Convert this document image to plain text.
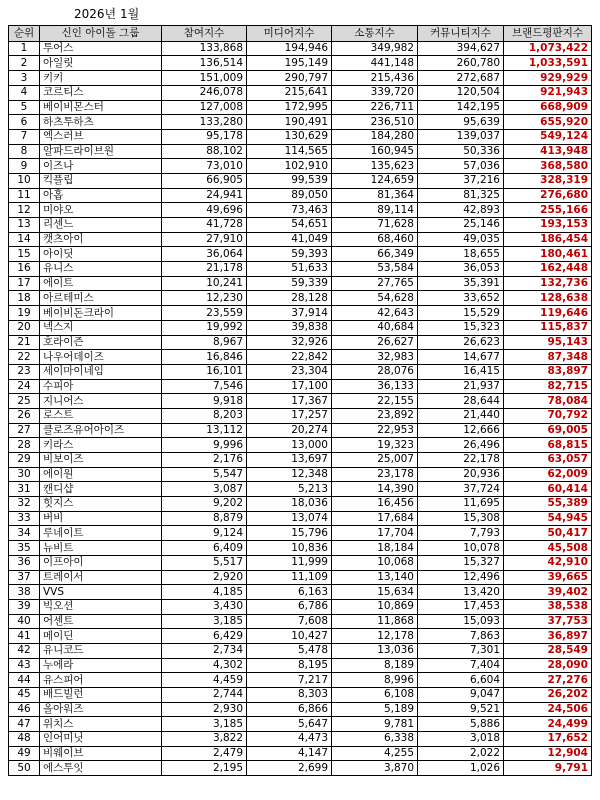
2026년 1월
순위	신인 아이돌 그룹	참여지수	미디어지수	소통지수	커뮤니티지수	브랜드평판지수
1	투어스	133,868	194,946	349,982	394,627	1,073,422
2	아일릿	136,514	195,149	441,148	260,780	1,033,591
3	키키	151,009	290,797	215,436	272,687	929,929
4	코르티스	246,078	215,641	339,720	120,504	921,943
5	베이비몬스터	127,008	172,995	226,711	142,195	668,909
6	하츠투하츠	133,280	190,491	236,510	95,639	655,920
7	엑스러브	95,178	130,629	184,280	139,037	549,124
8	알파드라이브원	88,102	114,565	160,945	50,336	413,948
9	이즈나	73,010	102,910	135,623	57,036	368,580
10	킥플립	66,905	99,539	124,659	37,216	328,319
11	아홉	24,941	89,050	81,364	81,325	276,680
12	미야오	49,696	73,463	89,114	42,893	255,166
13	리센느	41,728	54,651	71,628	25,146	193,153
14	캣츠아이	27,910	41,049	68,460	49,035	186,454
15	아이딧	36,064	59,393	66,349	18,655	180,461
16	유니스	21,178	51,633	53,584	36,053	162,448
17	에이트	10,241	59,339	27,765	35,391	132,736
18	아르테미스	12,230	28,128	54,628	33,652	128,638
19	베이비돈크라이	23,559	37,914	42,643	15,529	119,646
20	넥스지	19,992	39,838	40,684	15,323	115,837
21	호라이즌	8,967	32,926	26,627	26,623	95,143
22	나우어데이즈	16,846	22,842	32,983	14,677	87,348
23	세이마이네임	16,101	23,304	28,076	16,415	83,897
24	수피아	7,546	17,100	36,133	21,937	82,715
25	지니어스	9,918	17,367	22,155	28,644	78,084
26	로스트	8,203	17,257	23,892	21,440	70,792
27	클로즈유어아이즈	13,112	20,274	22,953	12,666	69,005
28	키라스	9,996	13,000	19,323	26,496	68,815
29	비보이즈	2,176	13,697	25,007	22,178	63,057
30	에이원	5,547	12,348	23,178	20,936	62,009
31	캔디샵	3,087	5,213	14,390	37,724	60,414
32	힛지스	9,202	18,036	16,456	11,695	55,389
33	버비	8,879	13,074	17,684	15,308	54,945
34	루네이트	9,124	15,796	17,704	7,793	50,417
35	뉴비트	6,409	10,836	18,184	10,078	45,508
36	이프아이	5,517	11,999	10,068	15,327	42,910
37	트레이서	2,920	11,109	13,140	12,496	39,665
38	VVS	4,185	6,163	15,634	13,420	39,402
39	빅오션	3,430	6,786	10,869	17,453	38,538
40	어센트	3,185	7,608	11,868	15,093	37,753
41	메이딘	6,429	10,427	12,178	7,863	36,897
42	유니코드	2,734	5,478	13,036	7,301	28,549
43	누에라	4,302	8,195	8,189	7,404	28,090
44	유스피어	4,459	7,217	8,996	6,604	27,276
45	배드빌런	2,744	8,303	6,108	9,047	26,202
46	올아워즈	2,930	6,866	5,189	9,521	24,506
47	위치스	3,185	5,647	9,781	5,886	24,499
48	인어미닛	3,822	4,473	6,338	3,018	17,652
49	비웨이브	2,479	4,147	4,255	2,022	12,904
50	에스투잇	2,195	2,699	3,870	1,026	9,791
